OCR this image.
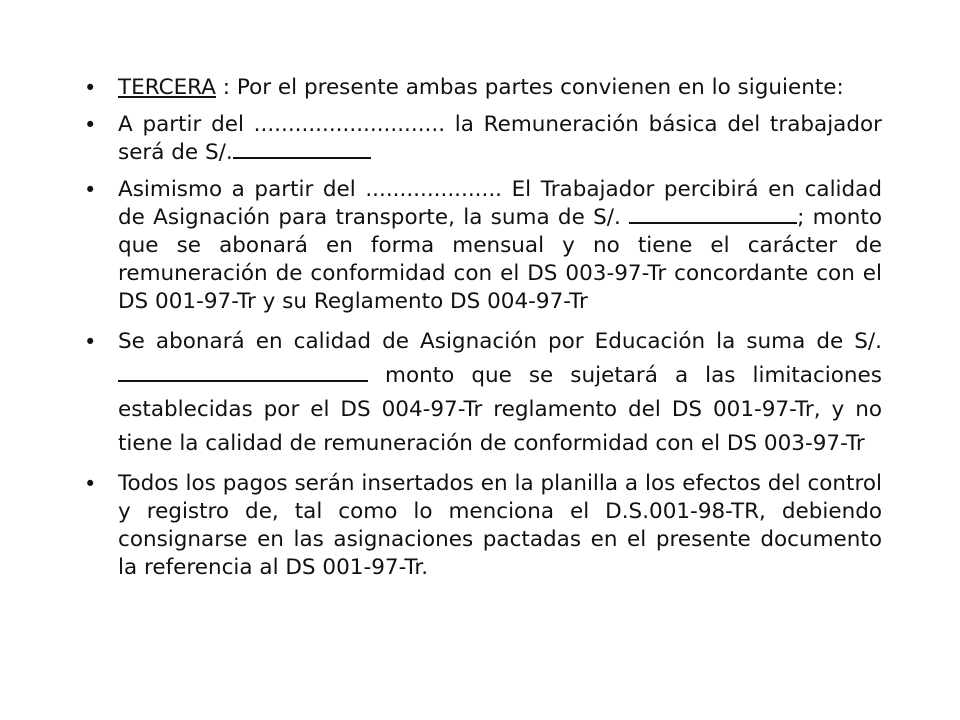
• TERCERA : Por el presente ambas partes convienen en lo siguiente:
• A partir del ............................ la Remuneración básica del trabajador será de S/.
• Asimismo a partir del .................... El Trabajador percibirá en calidad de Asignación para transporte, la suma de S/.	; monto que se abonará en forma mensual y no tiene el carácter de remuneración de conformidad con el DS 003-97-Tr concordante con el DS 001-97-Tr y su Reglamento DS 004-97-Tr
• Se abonará en calidad de Asignación por Educación la suma de S/.  monto que se sujetará a las limitaciones establecidas por el DS 004-97-Tr reglamento del DS 001-97-Tr, y no tiene la calidad de remuneración de conformidad con el DS 003-97-Tr
• Todos los pagos serán insertados en la planilla a los efectos del control y registro de, tal como lo menciona el D.S.001-98-TR, debiendo consignarse en las asignaciones pactadas en el presente documento la referencia al DS 001-97-Tr.
